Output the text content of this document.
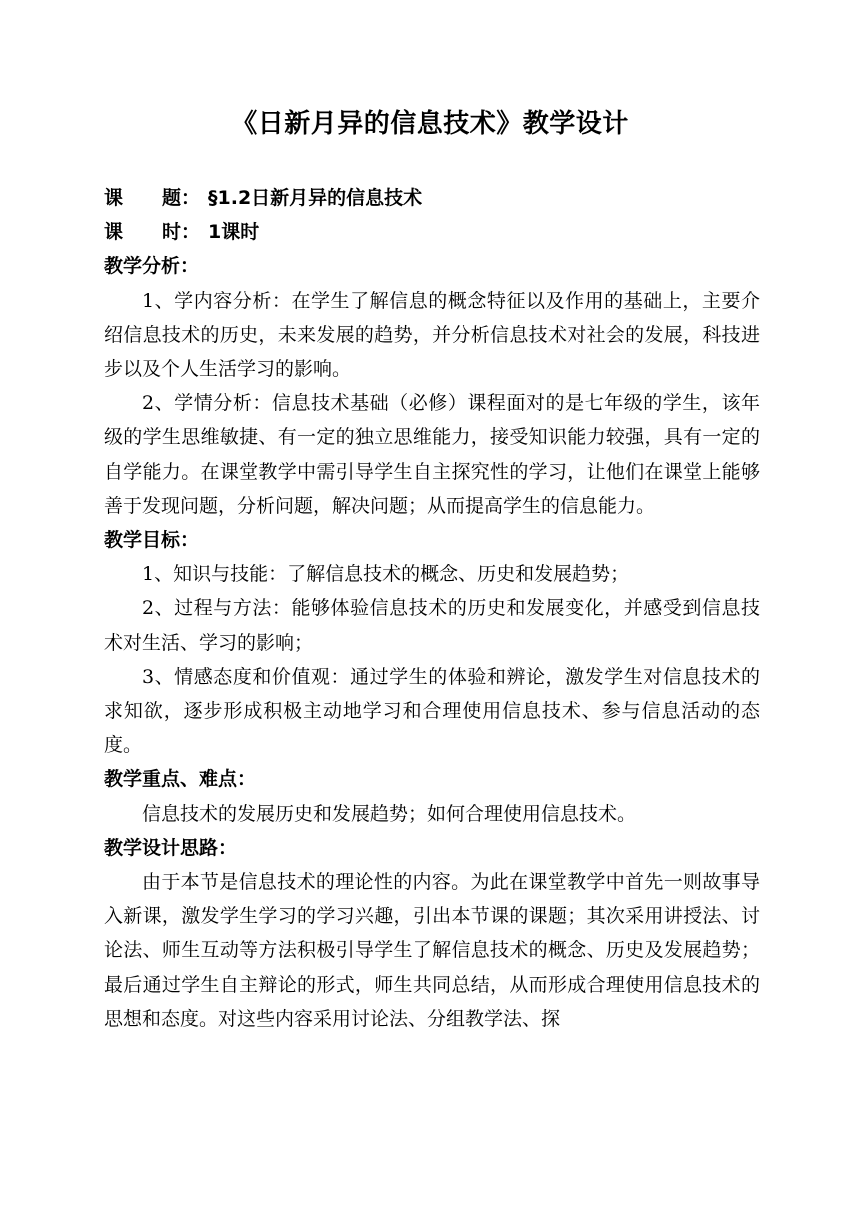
《日新月异的信息技术》教学设计
课 题： §1.2日新月异的信息技术
课 时： 1课时
教学分析：

1、学内容分析：在学生了解信息的概念特征以及作用的基础上，主要介绍信息技术的历史，未来发展的趋势，并分析信息技术对社会的发展，科技进步以及个人生活学习的影响。

2、学情分析：信息技术基础（必修）课程面对的是七年级的学生，该年级的学生思维敏捷、有一定的独立思维能力，接受知识能力较强，具有一定的自学能力。在课堂教学中需引导学生自主探究性的学习，让他们在课堂上能够善于发现问题，分析问题，解决问题；从而提高学生的信息能力。

教学目标：

1、知识与技能：了解信息技术的概念、历史和发展趋势；

2、过程与方法：能够体验信息技术的历史和发展变化，并感受到信息技术对生活、学习的影响；

3、情感态度和价值观：通过学生的体验和辨论，激发学生对信息技术的求知欲，逐步形成积极主动地学习和合理使用信息技术、参与信息活动的态度。

教学重点、难点：

信息技术的发展历史和发展趋势；如何合理使用信息技术。

教学设计思路：

由于本节是信息技术的理论性的内容。为此在课堂教学中首先一则故事导入新课，激发学生学习的学习兴趣，引出本节课的课题；其次采用讲授法、讨论法、师生互动等方法积极引导学生了解信息技术的概念、历史及发展趋势；最后通过学生自主辩论的形式，师生共同总结，从而形成合理使用信息技术的思想和态度。对这些内容采用讨论法、分组教学法、探
